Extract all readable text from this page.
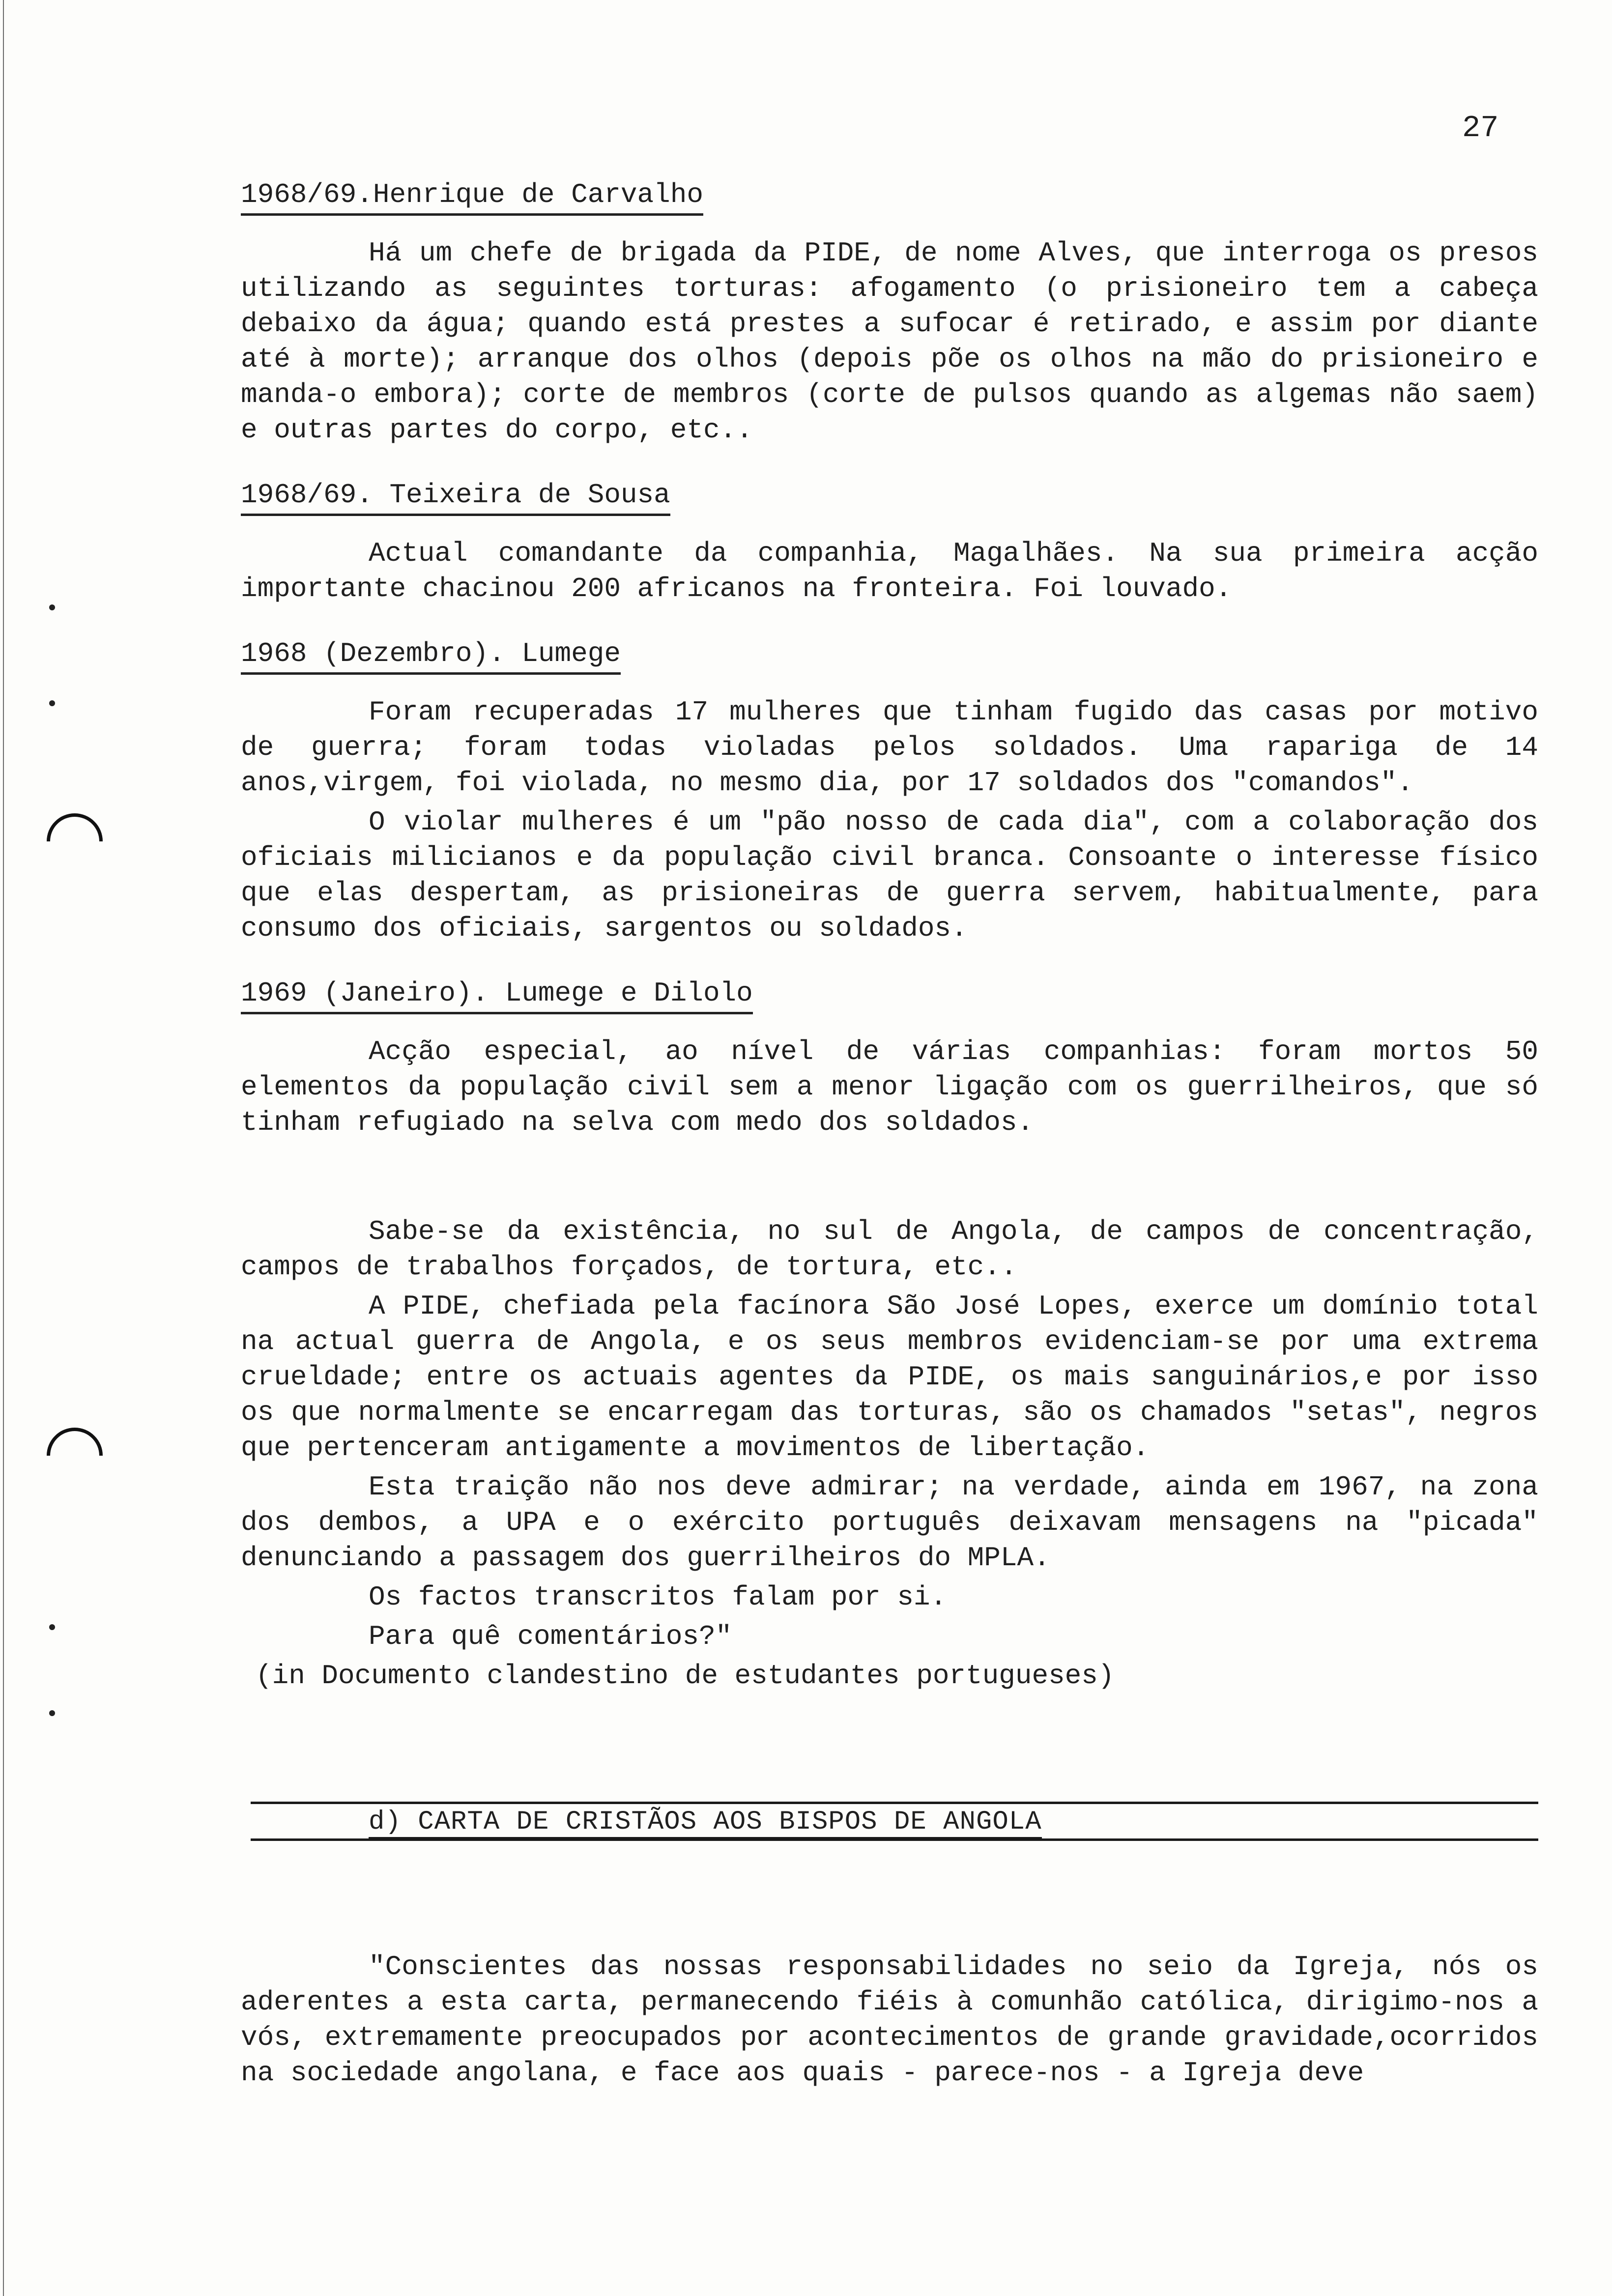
27
1968/69.Henrique de Carvalho

Há um chefe de brigada da PIDE, de nome Alves, que interroga os presos utilizando as seguintes torturas: afogamento (o prisioneiro tem a cabeça debaixo da água; quando está prestes a sufocar é retirado, e assim por diante até à morte); arranque dos olhos (depois põe os olhos na mão do prisioneiro e manda-o embora); corte de membros (corte de pulsos quando as algemas não saem) e outras partes do corpo, etc..

1968/69. Teixeira de Sousa

Actual comandante da companhia, Magalhães. Na sua primeira acção importante chacinou 200 africanos na fronteira. Foi louvado.

1968 (Dezembro). Lumege

Foram recuperadas 17 mulheres que tinham fugido das casas por motivo de guerra; foram todas violadas pelos soldados. Uma rapariga de 14 anos,virgem, foi violada, no mesmo dia, por 17 soldados dos "comandos".

O violar mulheres é um "pão nosso de cada dia", com a colaboração dos oficiais milicianos e da população civil branca. Consoante o interesse físico que elas despertam, as prisioneiras de guerra servem, habitualmente, para consumo dos oficiais, sargentos ou soldados.

1969 (Janeiro). Lumege e Dilolo

Acção especial, ao nível de várias companhias: foram mortos 50 elementos da população civil sem a menor ligação com os guerrilheiros, que só tinham refugiado na selva com medo dos soldados.

Sabe-se da existência, no sul de Angola, de campos de concentração, campos de trabalhos forçados, de tortura, etc..

A PIDE, chefiada pela facínora São José Lopes, exerce um domínio total na actual guerra de Angola, e os seus membros evidenciam-se por uma extrema crueldade; entre os actuais agentes da PIDE, os mais sanguinários,e por isso os que normalmente se encarregam das torturas, são os chamados "setas", negros que pertenceram antigamente a movimentos de libertação.

Esta traição não nos deve admirar; na verdade, ainda em 1967, na zona dos dembos, a UPA e o exército português deixavam mensagens na "picada" denunciando a passagem dos guerrilheiros do MPLA.

Os factos transcritos falam por si.

Para quê comentários?"

(in Documento clandestino de estudantes portugueses)

d) CARTA DE CRISTÃOS AOS BISPOS DE ANGOLA

"Conscientes das nossas responsabilidades no seio da Igreja, nós os aderentes a esta carta, permanecendo fiéis à comunhão católica, dirigimo-nos a vós, extremamente preocupados por acontecimentos de grande gravidade,ocorridos na sociedade angolana, e face aos quais - parece-nos - a Igreja deve
